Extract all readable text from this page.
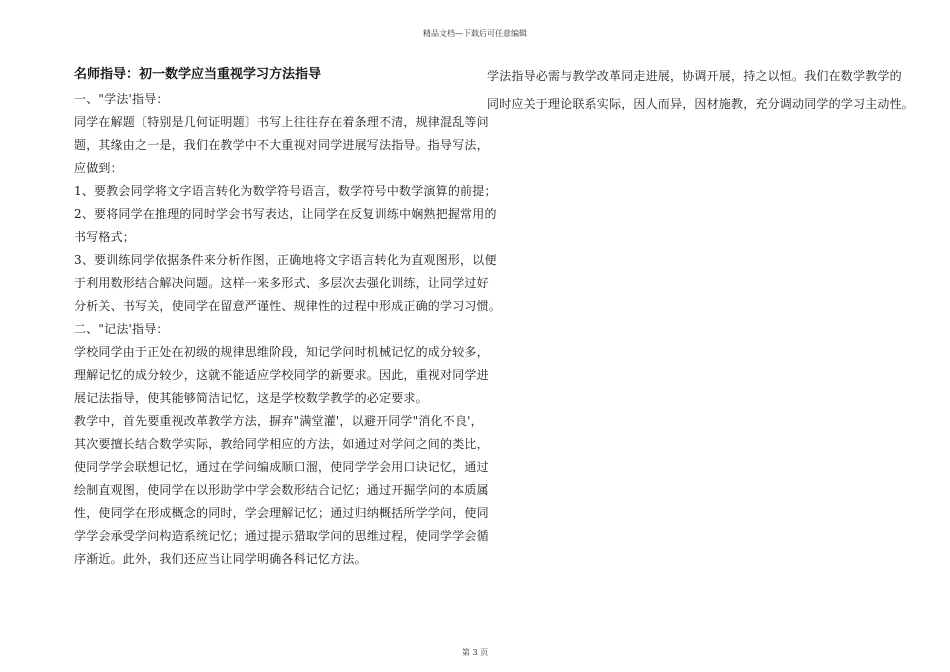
精品文档—下载后可任意编辑
名师指导：初一数学应当重视学习方法指导
一、"学法'指导：
同学在解题〔特别是几何证明题〕书写上往往存在着条理不清，规律混乱等问
题，其缘由之一是，我们在教学中不大重视对同学进展写法指导。指导写法，
应做到：
1、要教会同学将文字语言转化为数学符号语言，数学符号中数学演算的前提；
2、要将同学在推理的同时学会书写表达，让同学在反复训练中娴熟把握常用的
书写格式；
3、要训练同学依据条件来分析作图，正确地将文字语言转化为直观图形，以便
于利用数形结合解决问题。这样一来多形式、多层次去强化训练，让同学过好
分析关、书写关，使同学在留意严谨性、规律性的过程中形成正确的学习习惯。
二、"记法'指导：
学校同学由于正处在初级的规律思维阶段，知记学问时机械记忆的成分较多，
理解记忆的成分较少，这就不能适应学校同学的新要求。因此，重视对同学进
展记法指导，使其能够简洁记忆，这是学校数学教学的必定要求。
教学中，首先要重视改革教学方法，摒弃"满堂灌'，以避开同学"消化不良'，
其次要擅长结合数学实际，教给同学相应的方法，如通过对学问之间的类比，
使同学学会联想记忆，通过在学问编成顺口溜，使同学学会用口诀记忆，通过
绘制直观图，使同学在以形助学中学会数形结合记忆；通过开掘学问的本质属
性，使同学在形成概念的同时，学会理解记忆；通过归纳概括所学学问，使同
学学会承受学问构造系统记忆；通过提示猎取学问的思维过程，使同学学会循
序渐近。此外，我们还应当让同学明确各科记忆方法。
学法指导必需与教学改革同走进展，协调开展，持之以恒。我们在数学教学的
同时应关于理论联系实际，因人而异，因材施教，充分调动同学的学习主动性。
第 3 页
